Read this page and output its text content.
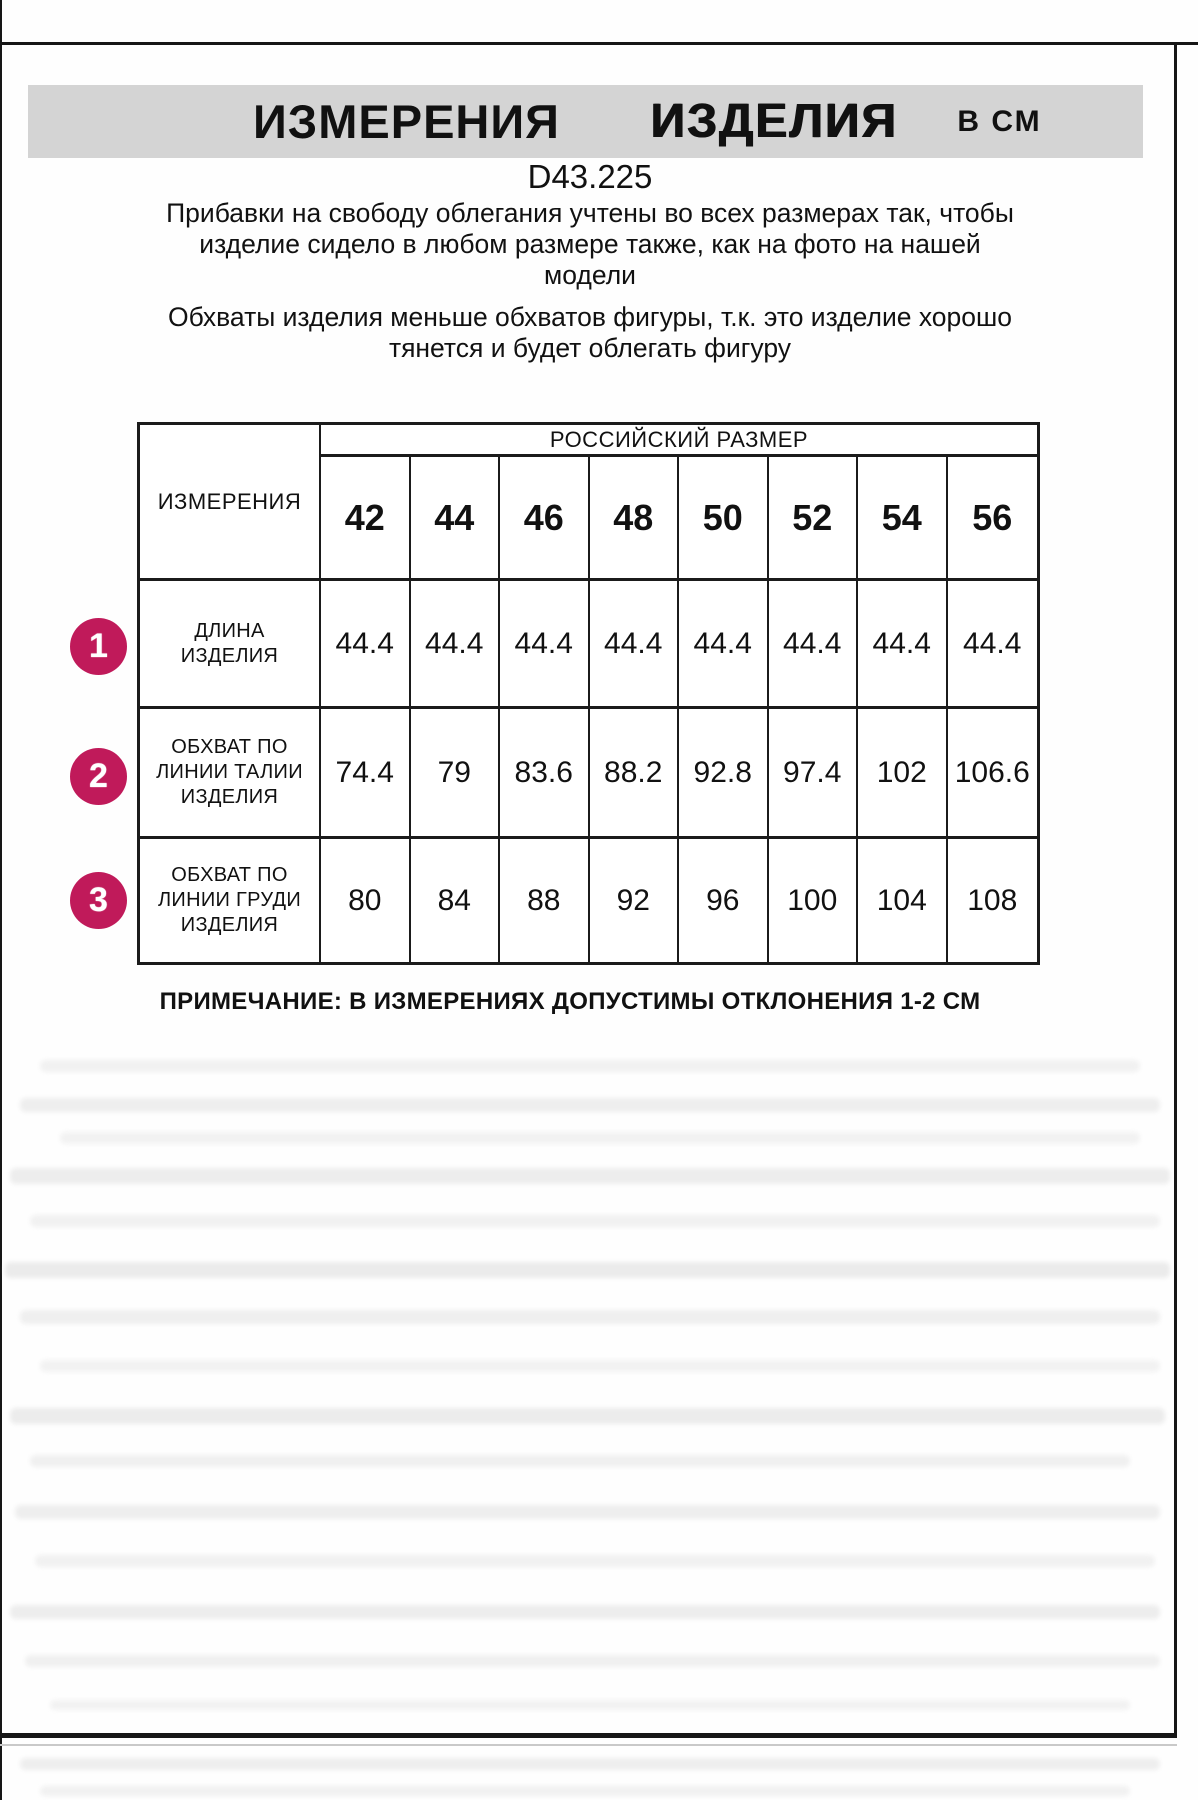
ИЗМЕРЕНИЯ ИЗДЕЛИЯ В СМ
D43.225
Прибавки на свободу облегания учтены во всех размерах так, чтобы
изделие сидело в любом размере также, как на фото на нашей
модели
Обхваты изделия меньше обхватов фигуры, т.к. это изделие хорошо
тянется и будет облегать фигуру
ИЗМЕРЕНИЯ
РОССИЙСКИЙ РАЗМЕР
42	44	46	48	50	52	54	56
ДЛИНА
ИЗДЕЛИЯ	44.4	44.4	44.4	44.4	44.4	44.4	44.4	44.4
ОБХВАТ ПО
ЛИНИИ ТАЛИИ
ИЗДЕЛИЯ
74.4	79	83.6	88.2	92.8	97.4	102 106.6
ОБХВАТ ПО
ЛИНИИ ГРУДИ
ИЗДЕЛИЯ
80	84	88	92	96	100	104	108
1
2
3
ПРИМЕЧАНИЕ: В ИЗМЕРЕНИЯХ ДОПУСТИМЫ ОТКЛОНЕНИЯ 1-2 СМ
